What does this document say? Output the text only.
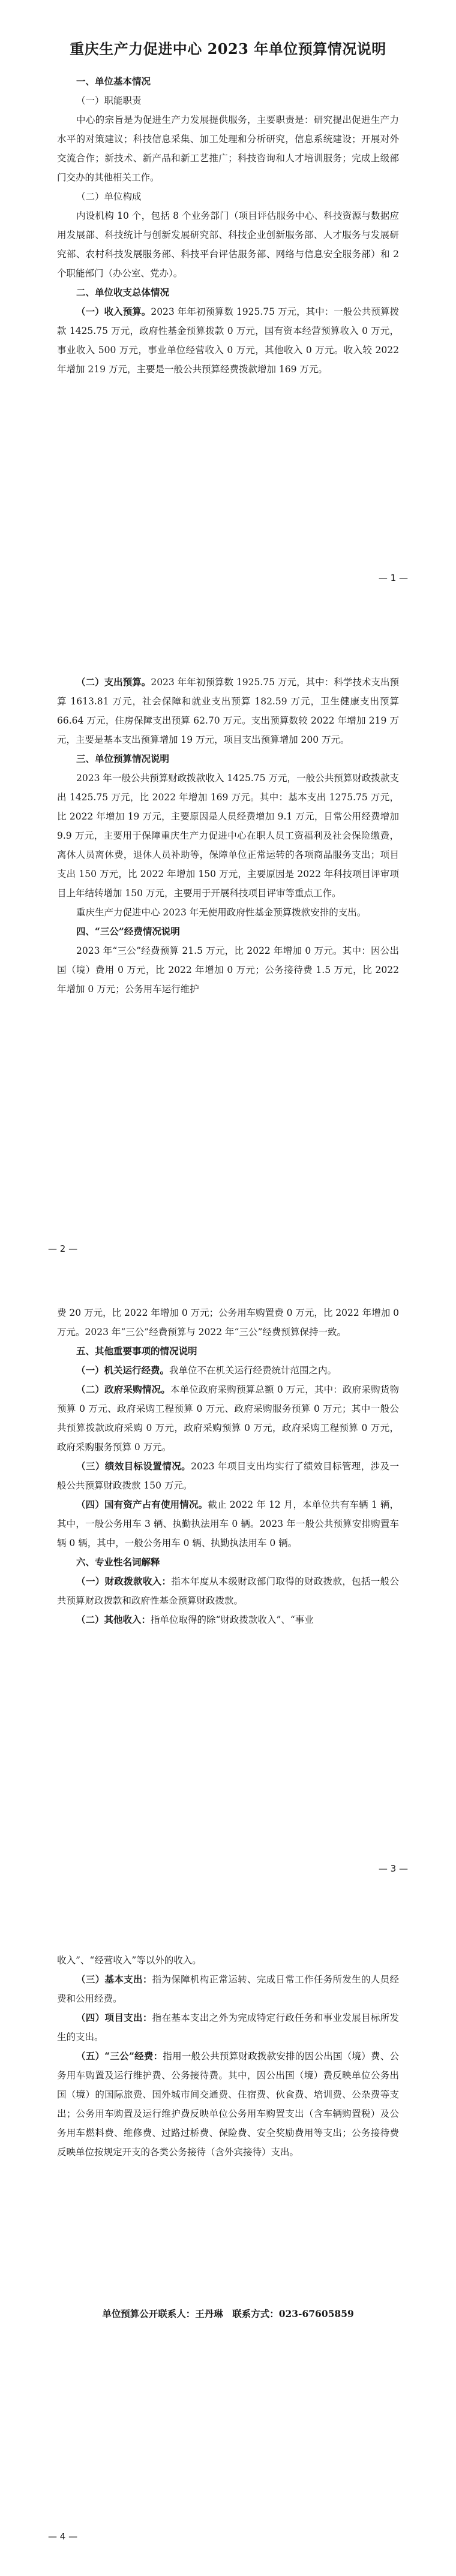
重庆生产力促进中心 2023 年单位预算情况说明

一、单位基本情况

（一）职能职责

中心的宗旨是为促进生产力发展提供服务，主要职责是：研究提出促进生产力水平的对策建议；科技信息采集、加工处理和分析研究，信息系统建设；开展对外交流合作；新技术、新产品和新工艺推广；科技咨询和人才培训服务；完成上级部门交办的其他相关工作。

（二）单位构成

内设机构 10 个，包括 8 个业务部门（项目评估服务中心、科技资源与数据应用发展部、科技统计与创新发展研究部、科技企业创新服务部、人才服务与发展研究部、农村科技发展服务部、科技平台评估服务部、网络与信息安全服务部）和 2 个职能部门（办公室、党办）。

二、单位收支总体情况

（一）收入预算。2023 年年初预算数 1925.75 万元，其中：一般公共预算拨款 1425.75 万元，政府性基金预算拨款 0 万元，国有资本经营预算收入 0 万元，事业收入 500 万元，事业单位经营收入 0 万元，其他收入 0 万元。收入较 2022 年增加 219 万元，主要是一般公共预算经费拨款增加 169 万元。

— 1 —

（二）支出预算。2023 年年初预算数 1925.75 万元，其中：科学技术支出预算 1613.81 万元，社会保障和就业支出预算 182.59 万元，卫生健康支出预算 66.64 万元，住房保障支出预算 62.70 万元。支出预算数较 2022 年增加 219 万元，主要是基本支出预算增加 19 万元，项目支出预算增加 200 万元。

三、单位预算情况说明

2023 年一般公共预算财政拨款收入 1425.75 万元，一般公共预算财政拨款支出 1425.75 万元，比 2022 年增加 169 万元。其中：基本支出 1275.75 万元，比 2022 年增加 19 万元，主要原因是人员经费增加 9.1 万元，日常公用经费增加 9.9 万元，主要用于保障重庆生产力促进中心在职人员工资福利及社会保险缴费，离休人员离休费，退休人员补助等，保障单位正常运转的各项商品服务支出；项目支出 150 万元，比 2022 年增加 150 万元，主要原因是 2022 年科技项目评审项目上年结转增加 150 万元，主要用于开展科技项目评审等重点工作。

重庆生产力促进中心 2023 年无使用政府性基金预算拨款安排的支出。

四、“三公”经费情况说明

2023 年“三公”经费预算 21.5 万元，比 2022 年增加 0 万元。其中：因公出国（境）费用 0 万元，比 2022 年增加 0 万元；公务接待费 1.5 万元，比 2022 年增加 0 万元；公务用车运行维护

— 2 —

费 20 万元，比 2022 年增加 0 万元；公务用车购置费 0 万元，比 2022 年增加 0 万元。2023 年“三公”经费预算与 2022 年“三公”经费预算保持一致。

五、其他重要事项的情况说明

（一）机关运行经费。我单位不在机关运行经费统计范围之内。

（二）政府采购情况。本单位政府采购预算总额 0 万元，其中：政府采购货物预算 0 万元、政府采购工程预算 0 万元、政府采购服务预算 0 万元；其中一般公共预算拨款政府采购 0 万元，政府采购预算 0 万元，政府采购工程预算 0 万元，政府采购服务预算 0 万元。

（三）绩效目标设置情况。2023 年项目支出均实行了绩效目标管理，涉及一般公共预算财政拨款 150 万元。

（四）国有资产占有使用情况。截止 2022 年 12 月，本单位共有车辆 1 辆，其中，一般公务用车 3 辆、执勤执法用车 0 辆。2023 年一般公共预算安排购置车辆 0 辆，其中，一般公务用车 0 辆、执勤执法用车 0 辆。

六、专业性名词解释

（一）财政拨款收入：指本年度从本级财政部门取得的财政拨款，包括一般公共预算财政拨款和政府性基金预算财政拨款。

（二）其他收入：指单位取得的除“财政拨款收入”、“事业

— 3 —

收入”、“经营收入”等以外的收入。

（三）基本支出：指为保障机构正常运转、完成日常工作任务所发生的人员经费和公用经费。

（四）项目支出：指在基本支出之外为完成特定行政任务和事业发展目标所发生的支出。

（五）“三公”经费：指用一般公共预算财政拨款安排的因公出国（境）费、公务用车购置及运行维护费、公务接待费。其中，因公出国（境）费反映单位公务出国（境）的国际旅费、国外城市间交通费、住宿费、伙食费、培训费、公杂费等支出；公务用车购置及运行维护费反映单位公务用车购置支出（含车辆购置税）及公务用车燃料费、维修费、过路过桥费、保险费、安全奖励费用等支出；公务接待费反映单位按规定开支的各类公务接待（含外宾接待）支出。

单位预算公开联系人：王丹琳　联系方式：023-67605859
— 4 —
